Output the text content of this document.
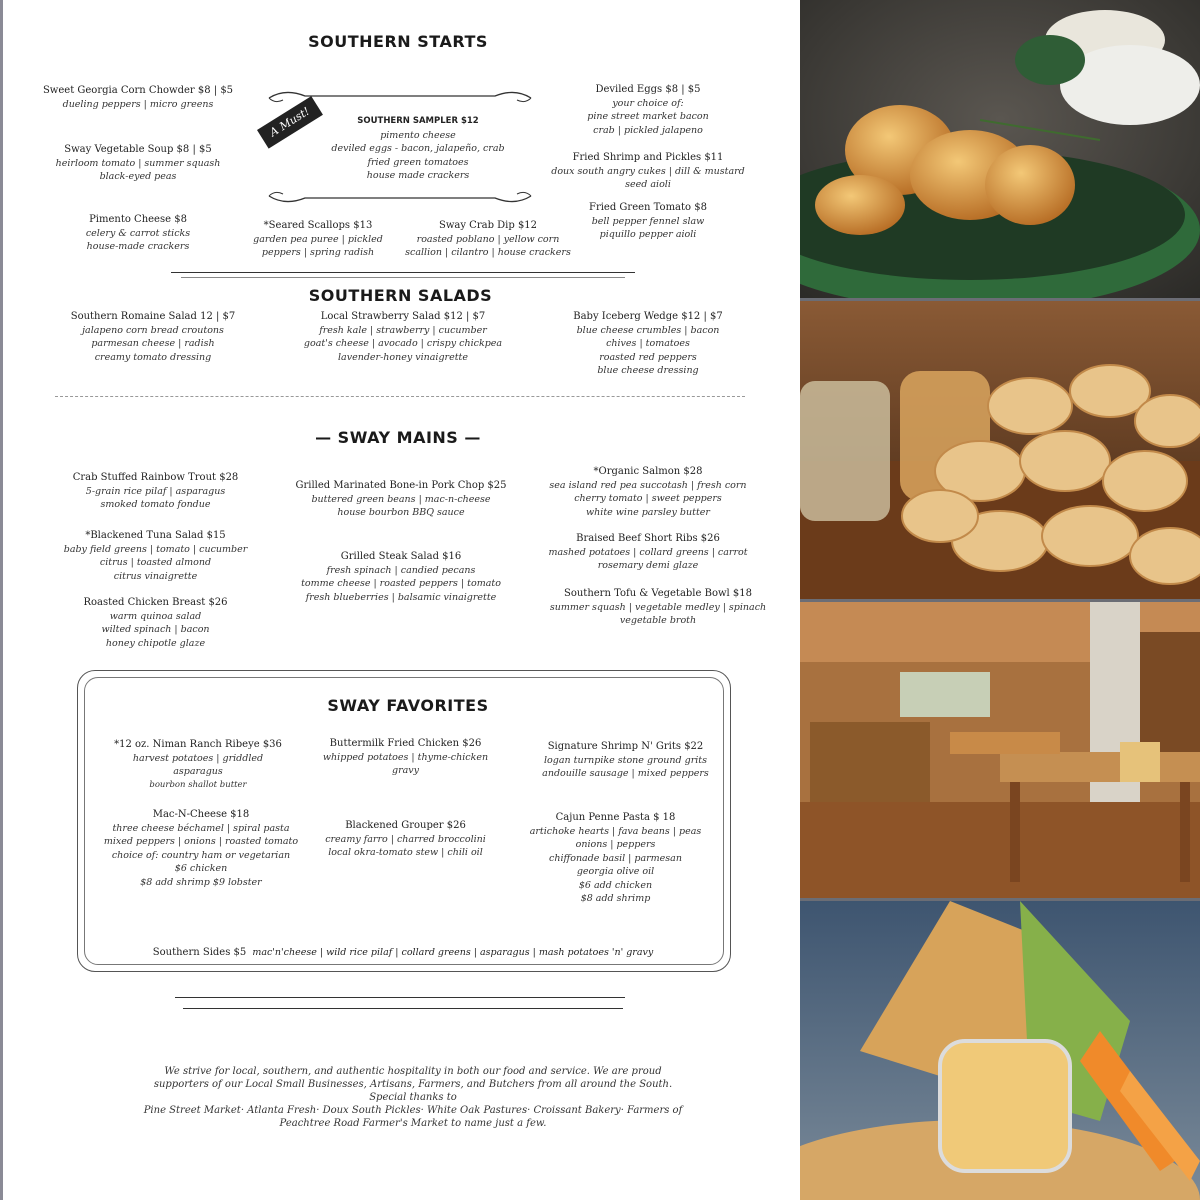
SOUTHERN STARTS
Sweet Georgia Corn Chowder $8 | $5
dueling peppers | micro greens
Sway Vegetable Soup $8 | $5
heirloom tomato | summer squash
black-eyed peas
Pimento Cheese $8
celery & carrot sticks
house-made crackers
A Must!	SOUTHERN SAMPLER $12
pimento cheese
deviled eggs - bacon, jalapeño, crab
fried green tomatoes
house made crackers
*Seared Scallops $13
garden pea puree | pickled
peppers | spring radish
Sway Crab Dip $12
roasted poblano | yellow corn
scallion | cilantro | house crackers
Deviled Eggs $8 | $5
your choice of:
pine street market bacon
crab | pickled jalapeno
Fried Shrimp and Pickles $11
doux south angry cukes | dill & mustard
seed aioli
Fried Green Tomato $8
bell pepper fennel slaw
piquillo pepper aioli
SOUTHERN SALADS
Southern Romaine Salad 12 | $7
jalapeno corn bread croutons
parmesan cheese | radish
creamy tomato dressing
Local Strawberry Salad $12 | $7
fresh kale | strawberry | cucumber
goat's cheese | avocado | crispy chickpea
lavender-honey vinaigrette
Baby Iceberg Wedge $12 | $7
blue cheese crumbles | bacon
chives | tomatoes
roasted red peppers
blue cheese dressing
— SWAY MAINS —
Crab Stuffed Rainbow Trout $28
5-grain rice pilaf | asparagus
smoked tomato fondue
*Blackened Tuna Salad $15
baby field greens | tomato | cucumber
citrus | toasted almond
citrus vinaigrette
Roasted Chicken Breast $26
warm quinoa salad
wilted spinach | bacon
honey chipotle glaze
Grilled Marinated Bone-in Pork Chop $25
buttered green beans | mac-n-cheese
house bourbon BBQ sauce
Grilled Steak Salad $16
fresh spinach | candied pecans
tomme cheese | roasted peppers | tomato
fresh blueberries | balsamic vinaigrette
*Organic Salmon $28
sea island red pea succotash | fresh corn
cherry tomato | sweet peppers
white wine parsley butter
Braised Beef Short Ribs $26
mashed potatoes | collard greens | carrot
rosemary demi glaze
Southern Tofu & Vegetable Bowl $18
summer squash | vegetable medley | spinach
vegetable broth
SWAY FAVORITES
*12 oz. Niman Ranch Ribeye $36
harvest potatoes | griddled
asparagus
bourbon shallot butter
Buttermilk Fried Chicken $26
whipped potatoes | thyme-chicken
gravy
Signature Shrimp N' Grits $22
logan turnpike stone ground grits
andouille sausage | mixed peppers
Mac-N-Cheese $18
three cheese béchamel | spiral pasta
mixed peppers | onions | roasted tomato
choice of: country ham or vegetarian
$6 chicken
$8 add shrimp $9 lobster
Blackened Grouper $26
creamy farro | charred broccolini
local okra-tomato stew | chili oil
Cajun Penne Pasta $ 18
artichoke hearts | fava beans | peas
onions | peppers
chiffonade basil | parmesan
georgia olive oil
$6 add chicken
$8 add shrimp
Southern Sides $5 mac'n'cheese | wild rice pilaf | collard greens | asparagus | mash potatoes 'n' gravy
We strive for local, southern, and authentic hospitality in both our food and service. We are proud
supporters of our Local Small Businesses, Artisans, Farmers, and Butchers from all around the South.
Special thanks to
Pine Street Market· Atlanta Fresh· Doux South Pickles· White Oak Pastures· Croissant Bakery· Farmers of
Peachtree Road Farmer's Market to name just a few.
